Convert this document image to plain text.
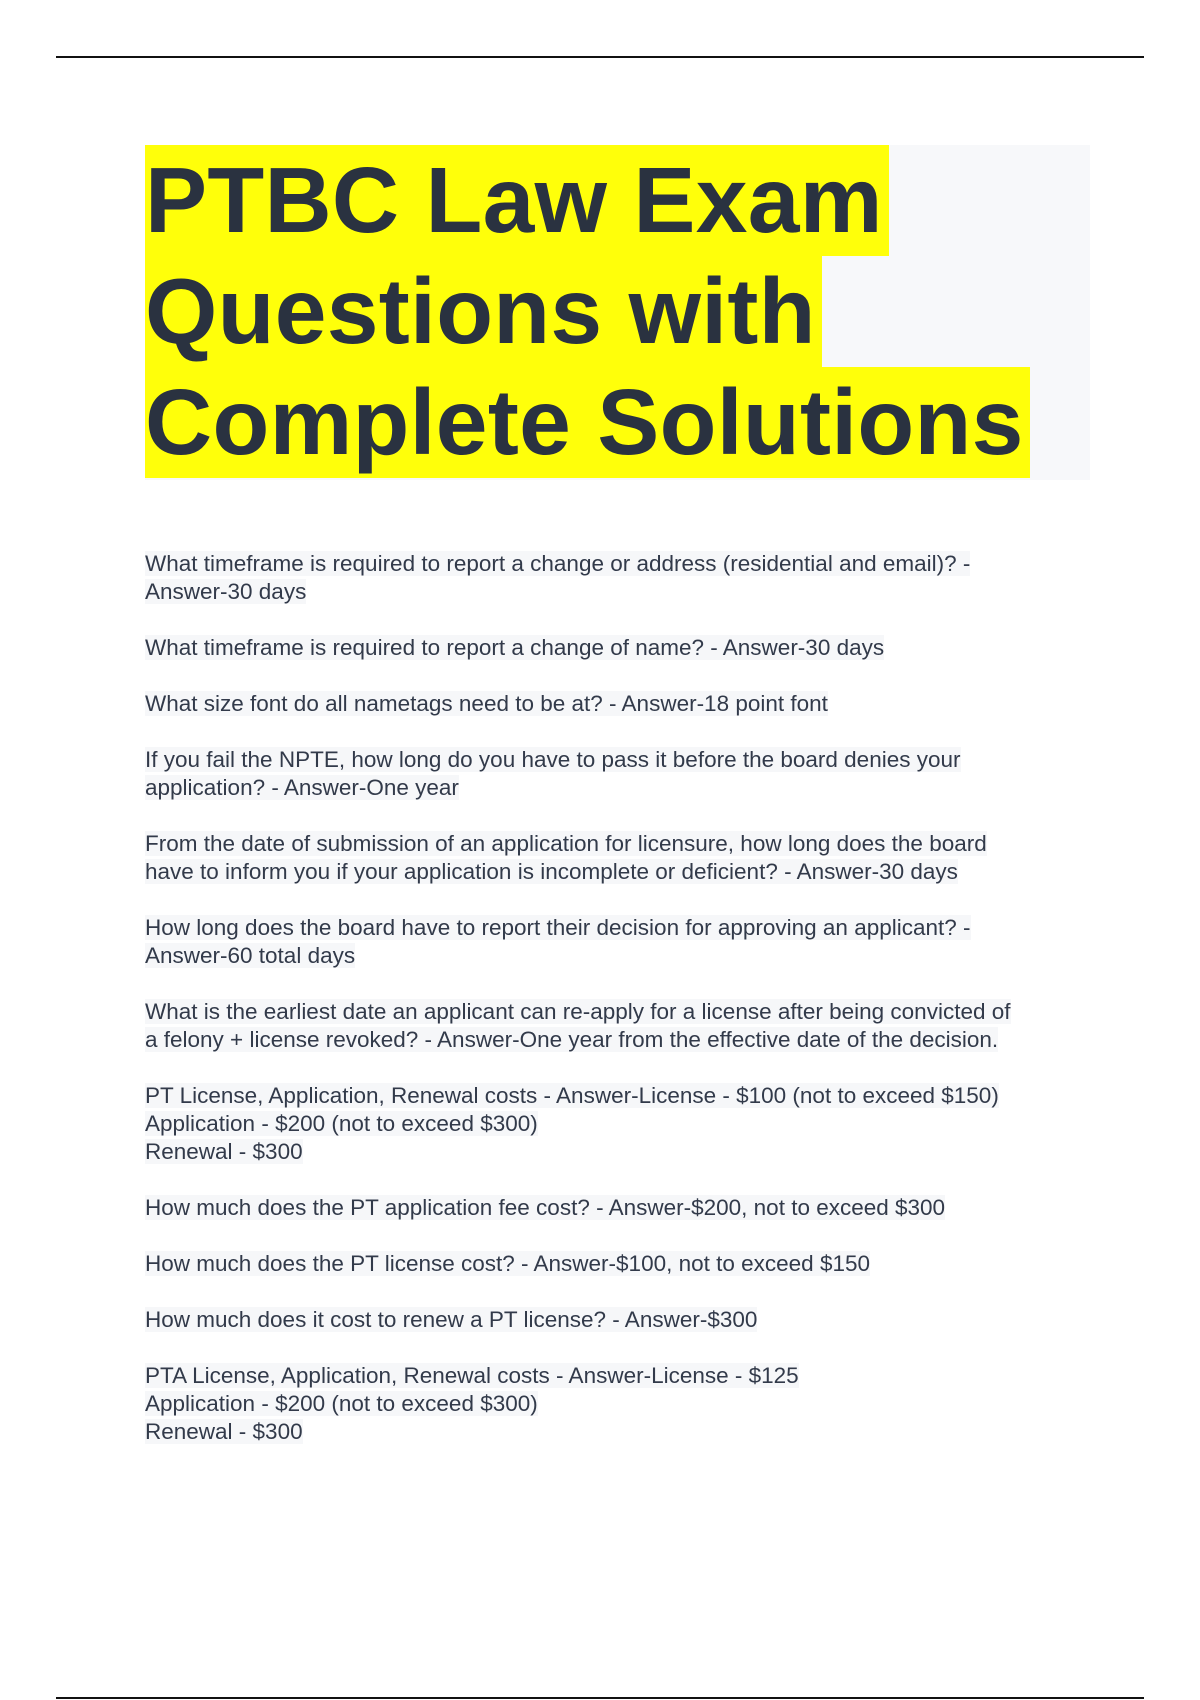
PTBC Law Exam
Questions with
Complete Solutions

What timeframe is required to report a change or address (residential and email)? -
Answer-30 days

What timeframe is required to report a change of name? - Answer-30 days

What size font do all nametags need to be at? - Answer-18 point font

If you fail the NPTE, how long do you have to pass it before the board denies your
application? - Answer-One year

From the date of submission of an application for licensure, how long does the board
have to inform you if your application is incomplete or deficient? - Answer-30 days

How long does the board have to report their decision for approving an applicant? -
Answer-60 total days

What is the earliest date an applicant can re-apply for a license after being convicted of
a felony + license revoked? - Answer-One year from the effective date of the decision.

PT License, Application, Renewal costs - Answer-License - $100 (not to exceed $150)
Application - $200 (not to exceed $300)
Renewal - $300

How much does the PT application fee cost? - Answer-$200, not to exceed $300

How much does the PT license cost? - Answer-$100, not to exceed $150

How much does it cost to renew a PT license? - Answer-$300

PTA License, Application, Renewal costs - Answer-License - $125
Application - $200 (not to exceed $300)
Renewal - $300
